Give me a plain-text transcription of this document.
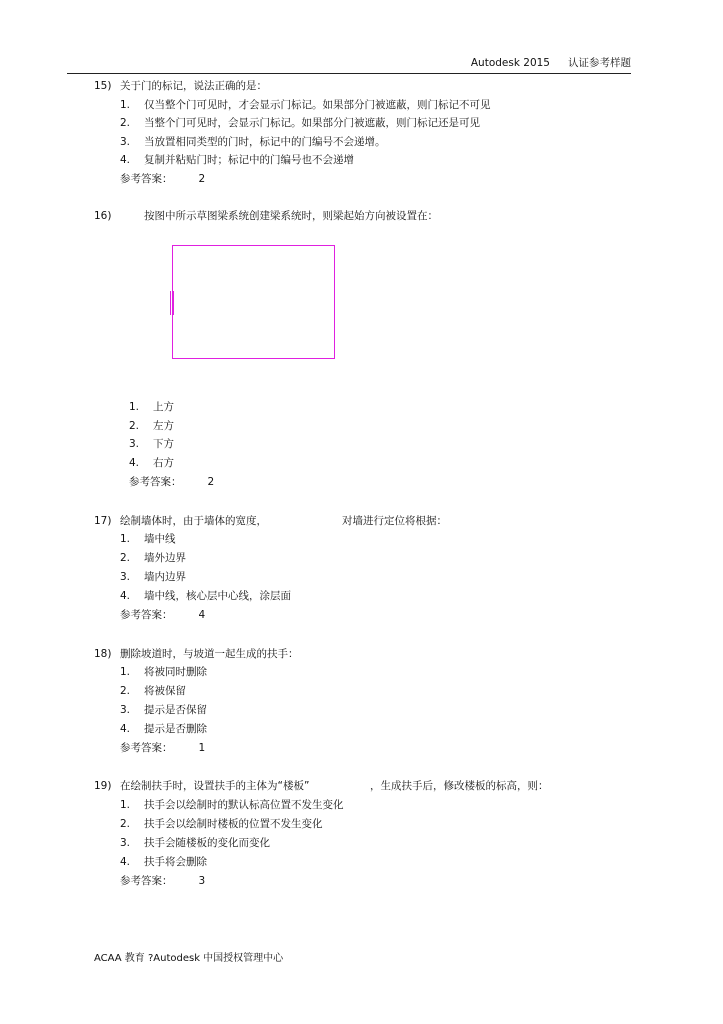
Autodesk 2015 认证参考样题
15) 关于门的标记，说法正确的是：
1. 仅当整个门可见时，才会显示门标记。如果部分门被遮蔽，则门标记不可见
2. 当整个门可见时，会显示门标记。如果部分门被遮蔽，则门标记还是可见
3. 当放置相同类型的门时，标记中的门编号不会递增。
4. 复制并粘贴门时；标记中的门编号也不会递增
参考答案： 2
16)	按图中所示草图梁系统创建梁系统时，则梁起始方向被设置在：
1. 上方
2. 左方
3. 下方
4. 右方
参考答案： 2
17) 绘制墙体时，由于墙体的宽度，	对墙进行定位将根据：
1. 墙中线
2. 墙外边界
3. 墙内边界
4. 墙中线，核心层中心线，涂层面
参考答案： 4
18) 删除坡道时，与坡道一起生成的扶手：
1. 将被同时删除
2. 将被保留
3. 提示是否保留
4. 提示是否删除
参考答案： 1
19) 在绘制扶手时，设置扶手的主体为“楼板”	，生成扶手后，修改楼板的标高，则：
1. 扶手会以绘制时的默认标高位置不发生变化
2. 扶手会以绘制时楼板的位置不发生变化
3. 扶手会随楼板的变化而变化
4. 扶手将会删除
参考答案： 3
ACAA 教育 ?Autodesk 中国授权管理中心
